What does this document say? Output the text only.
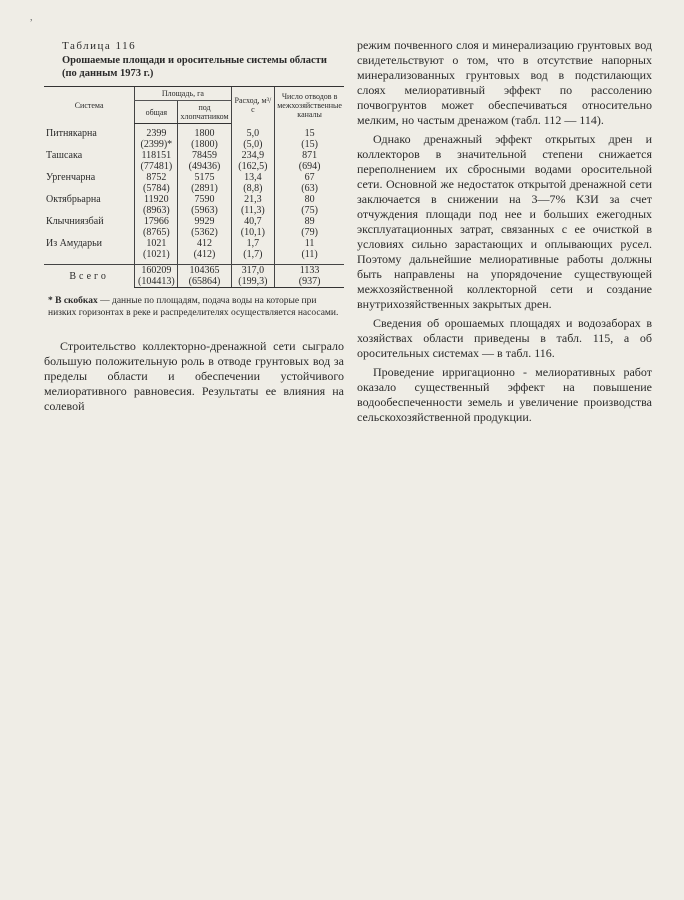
,
Таблица 116
Орошаемые площади и оросительные системы области (по данным 1973 г.)
Система	Площадь, га		Расход, м³/с	Число отводов в межхозяйственные каналы
	общая	под хлопчатником		

Питнякарна	2399	1800	5,0	15
	(2399)*	(1800)	(5,0)	(15)
Ташсака	118151	78459	234,9	871
	(77481)	(49436)	(162,5)	(694)
Ургенчарна	8752	5175	13,4	67
	(5784)	(2891)	(8,8)	(63)
Октябрьарна	11920	7590	21,3	80
	(8963)	(5963)	(11,3)	(75)
Клычниязбай	17966	9929	40,7	89
	(8765)	(5362)	(10,1)	(79)
Из Амударьи	1021	412	1,7	11
	(1021)	(412)	(1,7)	(11)

Всего	160209	104365	317,0	1133
	(104413)	(65864)	(199,3)	(937)
* В скобках — данные по площадям, подача воды на которые при низких горизонтах в реке и распределителях осуществляется насосами.

Строительство коллекторно-дренажной сети сыграло большую положительную роль в отводе грунтовых вод за пределы области и обеспечении устойчивого мелиоративного равновесия. Результаты ее влияния на солевой

режим почвенного слоя и минерализацию грунтовых вод свидетельствуют о том, что в отсутствие напорных минерализованных грунтовых вод в подстилающих слоях мелиоративный эффект по рассолению почвогрунтов может обеспечиваться относительно мелким, но частым дренажом (табл. 112 — 114).

Однако дренажный эффект открытых дрен и коллекторов в значительной степени снижается переполнением их сбросными водами оросительной сети. Основной же недостаток открытой дренажной сети заключается в снижении на 3—7% КЗИ за счет отчуждения площади под нее и больших ежегодных эксплуатационных затрат, связанных с ее очисткой в условиях сильно зарастающих и оплывающих русел. Поэтому дальнейшие мелиоративные работы должны быть направлены на упорядочение существующей межхозяйственной коллекторной сети и создание внутрихозяйственных закрытых дрен.

Сведения об орошаемых площадях и водозаборах в хозяйствах области приведены в табл. 115, а об оросительных системах — в табл. 116.

Проведение ирригационно - мелиоративных работ оказало существенный эффект на повышение водообеспеченности земель и увеличение производства сельскохозяйственной продукции.
